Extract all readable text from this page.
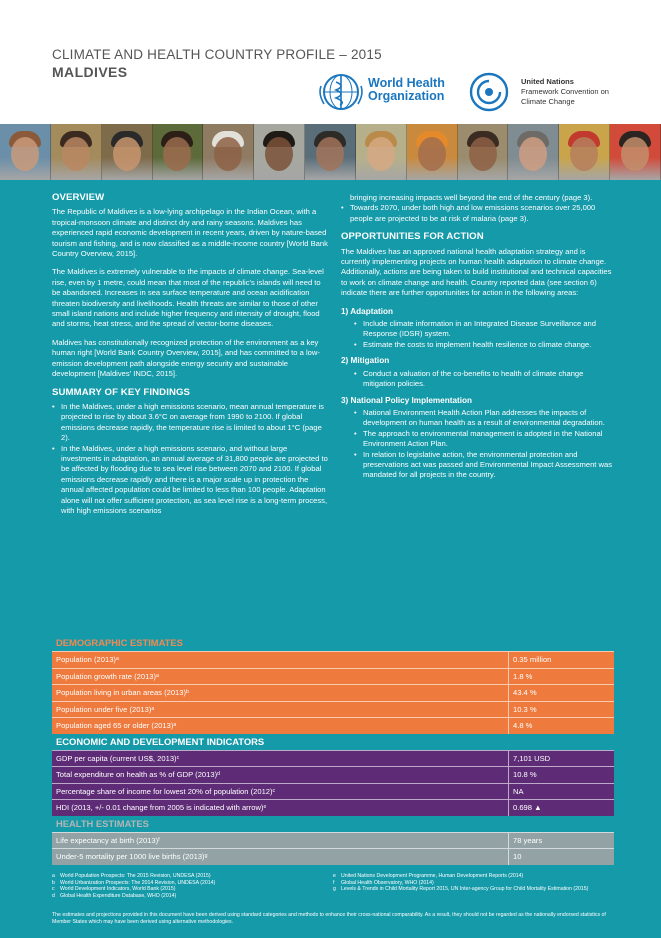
CLIMATE AND HEALTH COUNTRY PROFILE – 2015
MALDIVES
World Health
Organization
United Nations
Framework Convention on
Climate Change
OVERVIEW

The Republic of Maldives is a low-lying archipelago in the Indian Ocean, with a tropical-monsoon climate and distinct dry and rainy seasons. Maldives has experienced rapid economic development in recent years, driven by nature-based tourism and fishing, and is now classified as a middle-income country [World Bank Country Overview, 2015].

The Maldives is extremely vulnerable to the impacts of climate change. Sea-level rise, even by 1 metre, could mean that most of the republic's islands will need to be abandoned. Increases in sea surface temperature and ocean acidification threaten biodiversity and livelihoods. Health threats are similar to those of other small island nations and include higher frequency and intensity of drought, flood and storms, heat stress, and the spread of vector-borne diseases.

Maldives has constitutionally recognized protection of the environment as a key human right [World Bank Country Overview, 2015], and has committed to a low-emission development path alongside energy security and sustainable development [Maldives' INDC, 2015].

SUMMARY OF KEY FINDINGS
• In the Maldives, under a high emissions scenario, mean annual temperature is projected to rise by about 3.6°C on average from 1990 to 2100. If global emissions decrease rapidly, the temperature rise is limited to about 1°C (page 2).
• In the Maldives, under a high emissions scenario, and without large investments in adaptation, an annual average of 31,800 people are projected to be affected by flooding due to sea level rise between 2070 and 2100. If global emissions decrease rapidly and there is a major scale up in protection the annual affected population could be limited to less than 100 people. Adaptation alone will not offer sufficient protection, as sea level rise is a long-term process, with high emissions scenarios

bringing increasing impacts well beyond the end of the century (page 3).

• Towards 2070, under both high and low emissions scenarios over 25,000 people are projected to be at risk of malaria (page 3).
OPPORTUNITIES FOR ACTION

The Maldives has an approved national health adaptation strategy and is currently implementing projects on human health adaptation to climate change. Additionally, actions are being taken to build institutional and technical capacities to work on climate change and health. Country reported data (see section 6) indicate there are further opportunities for action in the following areas:

1) Adaptation
• Include climate information in an Integrated Disease Surveillance and Response (IDSR) system.
• Estimate the costs to implement health resilience to climate change.
2) Mitigation
• Conduct a valuation of the co-benefits to health of climate change mitigation policies.
3) National Policy Implementation
• National Environment Health Action Plan addresses the impacts of development on human health as a result of environmental degradation.
• The approach to environmental management is adopted in the National Environment Action Plan.
• In relation to legislative action, the environmental protection and preservations act was passed and Environmental Impact Assessment was mandated for all projects in the country.
DEMOGRAPHIC ESTIMATES
Population (2013)ᵃ	0.35 million
Population growth rate (2013)ᵃ	1.8 %
Population living in urban areas (2013)ᵇ	43.4 %
Population under five (2013)ᵃ	10.3 %
Population aged 65 or older (2013)ᵃ	4.8 %
ECONOMIC AND DEVELOPMENT INDICATORS
GDP per capita (current US$, 2013)ᶜ	7,101 USD
Total expenditure on health as % of GDP (2013)ᵈ	10.8 %
Percentage share of income for lowest 20% of population (2012)ᶜ	NA
HDI (2013, +/- 0.01 change from 2005 is indicated with arrow)ᵉ	0.698 ▲
HEALTH ESTIMATES
Life expectancy at birth (2013)ᶠ	78 years
Under-5 mortality per 1000 live births (2013)ᵍ	10
a World Population Prospects: The 2015 Revision, UNDESA (2015)
b World Urbanization Prospects: The 2014 Revision, UNDESA (2014)
c	World Development Indicators, World Bank (2015)
d Global Health Expenditure Database, WHO (2014)
e United Nations Development Programme, Human Development Reports (2014)
f	Global Health Observatory, WHO (2014)
g Levels & Trends in Child Mortality Report 2015, UN Inter-agency Group for Child Mortality Estimation (2015)
The estimates and projections provided in this document have been derived using standard categories and methods to enhance their cross-national comparability. As a result, they should not be regarded as the nationally endorsed statistics of Member States which may have been derived using alternative methodologies.
